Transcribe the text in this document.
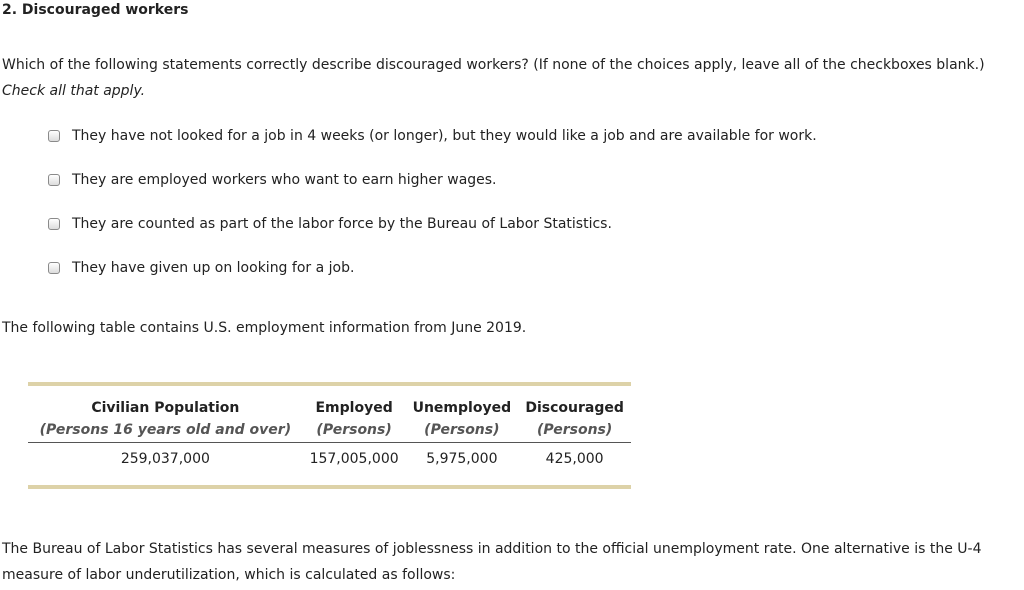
2. Discouraged workers
Which of the following statements correctly describe discouraged workers? (If none of the choices apply, leave all of the checkboxes blank.) Check all that apply.
They have not looked for a job in 4 weeks (or longer), but they would like a job and are available for work.
They are employed workers who want to earn higher wages.
They are counted as part of the labor force by the Bureau of Labor Statistics.
They have given up on looking for a job.
The following table contains U.S. employment information from June 2019.
Civilian Population	Employed	Unemployed	Discouraged
(Persons 16 years old and over)	(Persons)	(Persons)	(Persons)
259,037,000	157,005,000	5,975,000	425,000
The Bureau of Labor Statistics has several measures of joblessness in addition to the official unemployment rate. One alternative is the U-4 measure of labor underutilization, which is calculated as follows:
